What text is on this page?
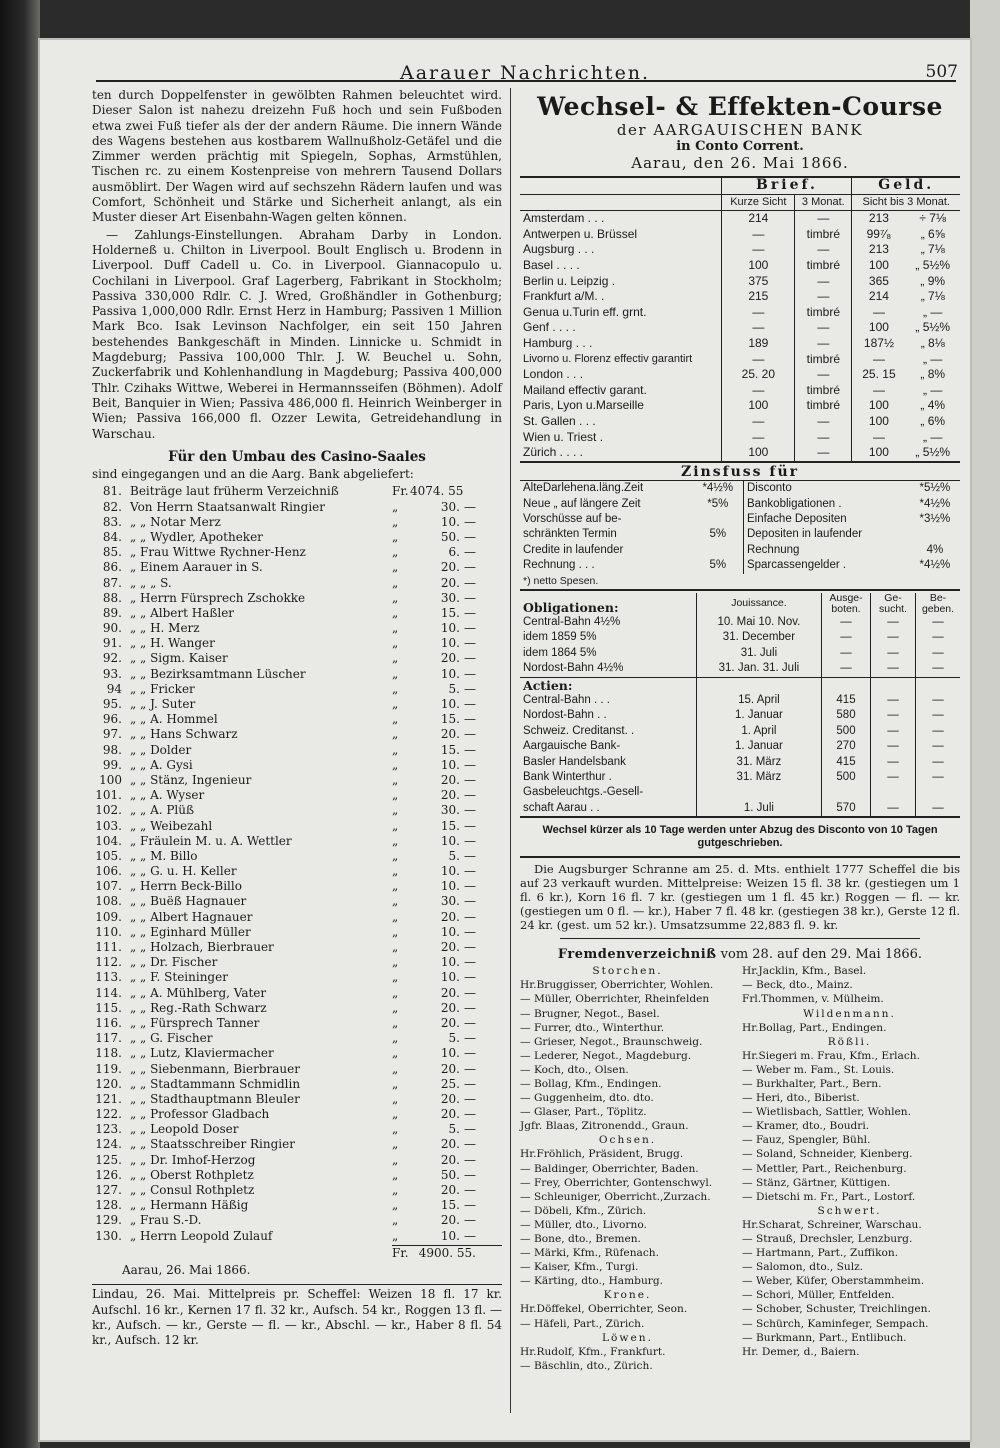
Aarauer Nachrichten.	507

ten durch Doppelfenster in gewölbten Rahmen beleuchtet wird. Dieser Salon ist nahezu dreizehn Fuß hoch und sein Fußboden etwa zwei Fuß tiefer als der der andern Räume. Die innern Wände des Wagens bestehen aus kostbarem Wallnußholz-Getäfel und die Zimmer werden prächtig mit Spiegeln, Sophas, Armstühlen, Tischen rc. zu einem Kostenpreise von mehrern Tausend Dollars ausmöblirt. Der Wagen wird auf sechszehn Rädern laufen und was Comfort, Schönheit und Stärke und Sicherheit anlangt, als ein Muster dieser Art Eisenbahn-Wagen gelten können.

— Zahlungs-Einstellungen. Abraham Darby in London. Holderneß u. Chilton in Liverpool. Boult Englisch u. Brodenn in Liverpool. Duff Cadell u. Co. in Liverpool. Giannacopulo u. Cochilani in Liverpool. Graf Lagerberg, Fabrikant in Stockholm; Passiva 330,000 Rdlr. C. J. Wred, Großhändler in Gothenburg; Passiva 1,000,000 Rdlr. Ernst Herz in Hamburg; Passiven 1 Million Mark Bco. Isak Levinson Nachfolger, ein seit 150 Jahren bestehendes Bankgeschäft in Minden. Linnicke u. Schmidt in Magdeburg; Passiva 100,000 Thlr. J. W. Beuchel u. Sohn, Zuckerfabrik und Kohlenhandlung in Magdeburg; Passiva 400,000 Thlr. Czihaks Wittwe, Weberei in Hermannsseifen (Böhmen). Adolf Beit, Banquier in Wien; Passiva 486,000 fl. Heinrich Weinberger in Wien; Passiva 166,000 fl. Ozzer Lewita, Getreidehandlung in Warschau.

Für den Umbau des Casino-Saales
sind eingegangen und an die Aarg. Bank abgeliefert:
81. Beiträge laut früherm Verzeichniß	Fr. 4074. 55
82. Von Herrn Staatsanwalt Ringier	„	30. —
83. „ „ Notar Merz	„	10. —
84. „ „ Wydler, Apotheker	„	50. —
85. „ Frau Wittwe Rychner-Henz	„	6. —
86. „ Einem Aarauer in S.	„	20. —
87. „ „ „ S.	„	20. —
88. „ Herrn Fürsprech Zschokke	„	30. —
89. „ „ Albert Haßler	„	15. —
90. „ „ H. Merz	„	10. —
91. „ „ H. Wanger	„	10. —
92. „ „ Sigm. Kaiser	„	20. —
93. „ „ Bezirksamtmann Lüscher	„	10. —
94 „ „ Fricker	„	5. —
95. „ „ J. Suter	„	10. —
96. „ „ A. Hommel	„	15. —
97. „ „ Hans Schwarz	„	20. —
98. „ „ Dolder	„	15. —
99. „ „ A. Gysi	„	10. —
100 „ „ Stänz, Ingenieur	„	20. —
101. „ „ A. Wyser	„	20. —
102. „ „ A. Plüß	„	30. —
103. „ „ Weibezahl	„	15. —
104. „ Fräulein M. u. A. Wettler	„	10. —
105. „ „ M. Billo	„	5. —
106. „ „ G. u. H. Keller	„	10. —
107. „ Herrn Beck-Billo	„	10. —
108. „ „ Buëß Hagnauer	„	30. —
109. „ „ Albert Hagnauer	„	20. —
110. „ „ Eginhard Müller	„	10. —
111. „ „ Holzach, Bierbrauer	„	20. —
112. „ „ Dr. Fischer	„	10. —
113. „ „ F. Steininger	„	10. —
114. „ „ A. Mühlberg, Vater	„	20. —
115. „ „ Reg.-Rath Schwarz	„	20. —
116. „ „ Fürsprech Tanner	„	20. —
117. „ „ G. Fischer	„	5. —
118. „ „ Lutz, Klaviermacher	„	10. —
119. „ „ Siebenmann, Bierbrauer	„	20. —
120. „ „ Stadtammann Schmidlin	„	25. —
121. „ „ Stadthauptmann Bleuler	„	20. —
122. „ „ Professor Gladbach	„	20. —
123. „ „ Leopold Doser	„	5. —
124. „ „ Staatsschreiber Ringier	„	20. —
125. „ „ Dr. Imhof-Herzog	„	20. —
126. „ „ Oberst Rothpletz	„	50. —
127. „ „ Consul Rothpletz	„	20. —
128. „ „ Hermann Häßig	„	15. —
129. „ Frau S.-D.	„	20. —
130. „ Herrn Leopold Zulauf	„	10. —
Fr. 4900. 55.
Aarau, 26. Mai 1866.

Lindau, 26. Mai. Mittelpreis pr. Scheffel: Weizen 18 fl. 17 kr. Aufschl. 16 kr., Kernen 17 fl. 32 kr., Aufsch. 54 kr., Roggen 13 fl. — kr., Aufsch. — kr., Gerste — fl. — kr., Abschl. — kr., Haber 8 fl. 54 kr., Aufsch. 12 kr.

Wechsel- & Effekten-Course
der AARGAUISCHEN BANK
in Conto Corrent.
Aarau, den 26. Mai 1866.
	Brief.		Geld.	
	Kurze Sicht	3 Monat.	Sicht bis 3 Monat.	
Amsterdam . . .	214	—	213	÷ 7⅛
Antwerpen u. Brüssel	—	timbré	99⁷⁄₈	„ 6⅝
Augsburg . . .	—	—	213	„ 7⅛
Basel . . . .	100	timbré	100	„ 5½%
Berlin u. Leipzig .	375	—	365	„ 9%
Frankfurt a/M. .	215	—	214	„ 7⅛
Genua u.Turin eff. grnt.	—	timbré	—	„ —
Genf . . . .	—	—	100	„ 5½%
Hamburg . . .	189	—	187½	„ 8⅛
Livorno u. Florenz effectiv garantirt	—	timbré	—	„ —
London . . .	25. 20	—	25. 15	„ 8%
Mailand effectiv garant.	—	timbré	—	„ —
Paris, Lyon u.Marseille	100	timbré	100	„ 4%
St. Gallen . . .	—	—	100	„ 6%
Wien u. Triest .	—	—	—	„ —
Zürich . . . .	100	—	100	„ 5½%
Zinsfuss für			
AlteDarlehena.läng.Zeit	*4½%	Disconto	*5½%
Neue „ auf längere Zeit	*5%	Bankobligationen .	*4½%
Vorschüsse auf be-		Einfache Depositen	*3½%
schränkten Termin	5%	Depositen in laufender	
Credite in laufender		Rechnung	4%
Rechnung . . .	5%	Sparcassengelder .	*4½%
*) netto Spesen.			
Obligationen:	Jouissance.	Ausge-boten.	Ge-sucht.	Be-geben.
Central-Bahn 4½%	10. Mai 10. Nov.	—	—	—
idem 1859 5%	31. December	—	—	—
idem 1864 5%	31. Juli	—	—	—
Nordost-Bahn 4½%	31. Jan. 31. Juli	—	—	—
Actien:				
Central-Bahn . . .	15. April	415	—	—
Nordost-Bahn . .	1. Januar	580	—	—
Schweiz. Creditanst. .	1. April	500	—	—
Aargauische Bank-	1. Januar	270	—	—
Basler Handelsbank	31. März	415	—	—
Bank Winterthur .	31. März	500	—	—
Gasbeleuchtgs.-Gesell-				
schaft Aarau . .	1. Juli	570	—	—
Wechsel kürzer als 10 Tage werden unter Abzug des Disconto von 10 Tagen gutgeschrieben.

Die Augsburger Schranne am 25. d. Mts. enthielt 1777 Scheffel die bis auf 23 verkauft wurden. Mittelpreise: Weizen 15 fl. 38 kr. (gestiegen um 1 fl. 6 kr.), Korn 16 fl. 7 kr. (gestiegen um 1 fl. 45 kr.) Roggen — fl. — kr. (gestiegen um 0 fl. — kr.), Haber 7 fl. 48 kr. (gestiegen 38 kr.), Gerste 12 fl. 24 kr. (gest. um 52 kr.). Umsatzsumme 22,883 fl. 9. kr.

Fremdenverzeichniß vom 28. auf den 29. Mai 1866.
Storchen.
Hr.Bruggisser, Oberrichter, Wohlen.
— Müller, Oberrichter, Rheinfelden
— Brugner, Negot., Basel.
— Furrer, dto., Winterthur.
— Grieser, Negot., Braunschweig.
— Lederer, Negot., Magdeburg.
— Koch, dto., Olsen.
— Bollag, Kfm., Endingen.
— Guggenheim, dto. dto.
— Glaser, Part., Töplitz.
Jgfr. Blaas, Zitronendd., Graun.
Ochsen.
Hr.Fröhlich, Präsident, Brugg.
— Baldinger, Oberrichter, Baden.
— Frey, Oberrichter, Gontenschwyl.
— Schleuniger, Oberricht.,Zurzach.
— Döbeli, Kfm., Zürich.
— Müller, dto., Livorno.
— Bone, dto., Bremen.
— Märki, Kfm., Rüfenach.
— Kaiser, Kfm., Turgi.
— Kärting, dto., Hamburg.
Krone.
Hr.Döffekel, Oberrichter, Seon.
— Häfeli, Part., Zürich.
Löwen.
Hr.Rudolf, Kfm., Frankfurt.
— Bäschlin, dto., Zürich.
Hr.Jacklin, Kfm., Basel.
— Beck, dto., Mainz.
Frl.Thommen, v. Mülheim.
Wildenmann.
Hr.Bollag, Part., Endingen.
Rößli.
Hr.Siegeri m. Frau, Kfm., Erlach.
— Weber m. Fam., St. Louis.
— Burkhalter, Part., Bern.
— Heri, dto., Biberist.
— Wietlisbach, Sattler, Wohlen.
— Kramer, dto., Boudri.
— Fauz, Spengler, Bühl.
— Soland, Schneider, Kienberg.
— Mettler, Part., Reichenburg.
— Stänz, Gärtner, Küttigen.
— Dietschi m. Fr., Part., Lostorf.
Schwert.
Hr.Scharat, Schreiner, Warschau.
— Strauß, Drechsler, Lenzburg.
— Hartmann, Part., Zuffikon.
— Salomon, dto., Sulz.
— Weber, Küfer, Oberstammheim.
— Schori, Müller, Entfelden.
— Schober, Schuster, Treichlingen.
— Schürch, Kaminfeger, Sempach.
— Burkmann, Part., Entlibuch.
Hr. Demer, d., Baiern.
